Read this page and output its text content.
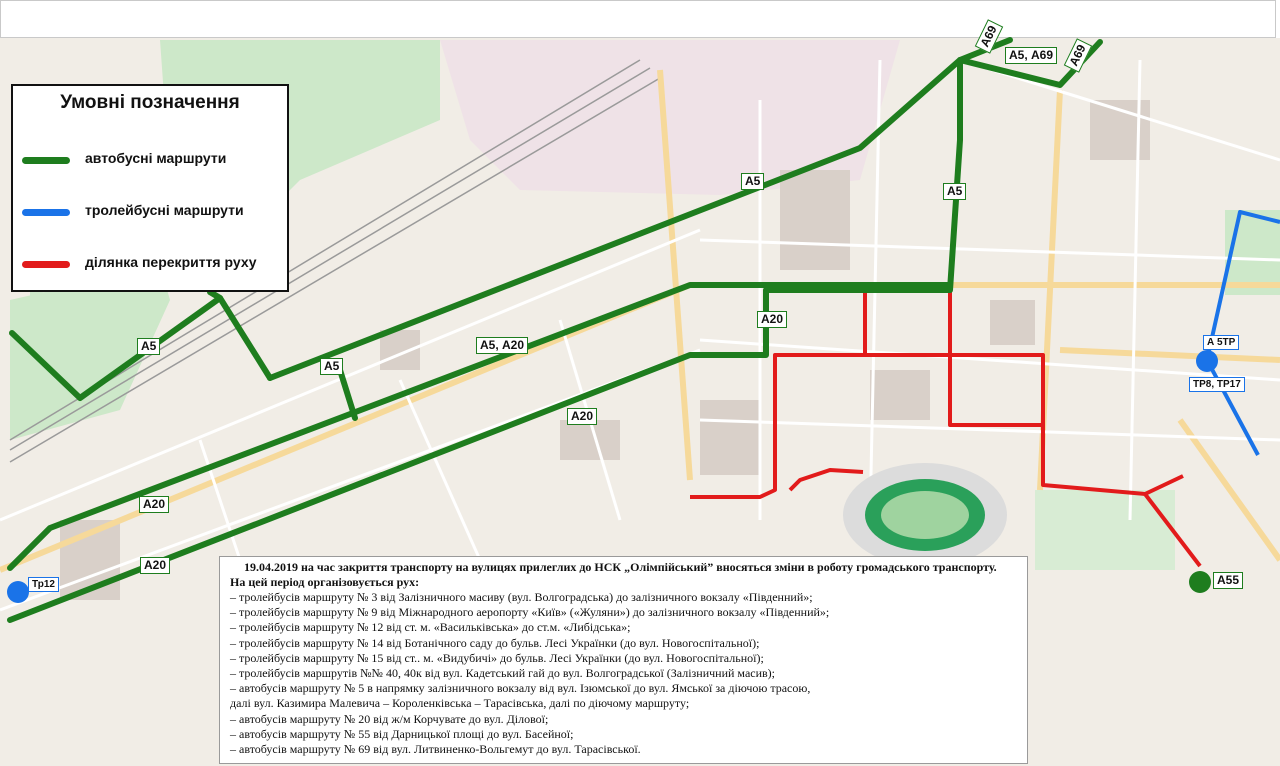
А69
А5, А69	А69
А5
А5
А20
А5, А20
А5
А5
А20
А20
А20
А 5ТР
ТР8, ТР17
Тр12	А55
Умовні позначення
автобусні маршрути
тролейбусні маршрути
ділянка перекриття руху
19.04.2019 на час закриття транспорту на вулицях прилеглих до НСК „Олімпійський” вносяться зміни в роботу громадського транспорту.
На цей період організовується рух:
– тролейбусів маршруту № 3 від Залізничного масиву (вул. Волгоградська) до залізничного вокзалу «Південний»;
– тролейбусів маршруту № 9 від Міжнародного аеропорту «Київ» («Жуляни») до залізничного вокзалу «Південний»;
– тролейбусів маршруту № 12 від ст. м. «Васильківська» до ст.м. «Либідська»;
– тролейбусів маршруту № 14 від Ботанічного саду до бульв. Лесі Українки (до вул. Новогоспітальної);
– тролейбусів маршруту № 15 від ст.. м. «Видубичі» до бульв. Лесі Українки (до вул. Новогоспітальної);
– тролейбусів маршрутів №№ 40, 40к від вул. Кадетський гай до вул. Волгоградської (Залізничний масив);
– автобусів маршруту № 5 в напрямку залізничного вокзалу від вул. Ізюмської до вул. Ямської за діючою трасою,
далі вул. Казимира Малевича – Короленківська – Тарасівська, далі по діючому маршруту;
– автобусів маршруту № 20 від ж/м Корчувате до вул. Ділової;
– автобусів маршруту № 55 від Дарницької площі до вул. Басейної;
– автобусів маршруту № 69 від вул. Литвиненко-Вольгемут до вул. Тарасівської.
